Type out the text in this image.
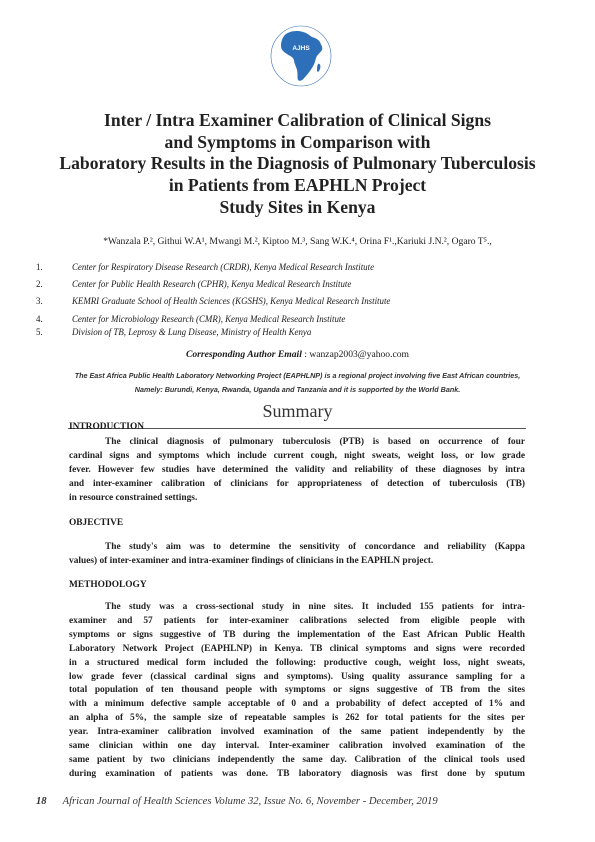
AJHS
Inter / Intra Examiner Calibration of Clinical Signs
and Symptoms in Comparison with
Laboratory Results in the Diagnosis of Pulmonary Tuberculosis
in Patients from EAPHLN Project
Study Sites in Kenya
*Wanzala P.², Githui W.A¹, Mwangi M.², Kiptoo M.³, Sang W.K.⁴, Orina F¹.,Kariuki J.N.², Ogaro T⁵.,
1.	Center for Respiratory Disease Research (CRDR), Kenya Medical Research Institute
2.	Center for Public Health Research (CPHR), Kenya Medical Research Institute
3.	KEMRI Graduate School of Health Sciences (KGSHS), Kenya Medical Research Institute
4.	Center for Microbiology Research (CMR), Kenya Medical Research Institute
5.	Division of TB, Leprosy & Lung Disease, Ministry of Health Kenya
Corresponding Author Email : wanzap2003@yahoo.com
The East Africa Public Health Laboratory Networking Project (EAPHLNP) is a regional project involving five East African countries,
Namely: Burundi, Kenya, Rwanda, Uganda and Tanzania and it is supported by the World Bank.
Summary
INTRODUCTION
The clinical diagnosis of pulmonary tuberculosis (PTB) is based on occurrence of four
cardinal signs and symptoms which include current cough, night sweats, weight loss, or low grade
fever. However few studies have determined the validity and reliability of these diagnoses by intra
and inter-examiner calibration of clinicians for appropriateness of detection of tuberculosis (TB)
in resource constrained settings.
OBJECTIVE
The study's aim was to determine the sensitivity of concordance and reliability (Kappa
values) of inter-examiner and intra-examiner findings of clinicians in the EAPHLN project.
METHODOLOGY
The study was a cross-sectional study in nine sites. It included 155 patients for intra-
examiner and 57 patients for inter-examiner calibrations selected from eligible people with
symptoms or signs suggestive of TB during the implementation of the East African Public Health
Laboratory Network Project (EAPHLNP) in Kenya. TB clinical symptoms and signs were recorded
in a structured medical form included the following: productive cough, weight loss, night sweats,
low grade fever (classical cardinal signs and symptoms). Using quality assurance sampling for a
total population of ten thousand people with symptoms or signs suggestive of TB from the sites
with a minimum defective sample acceptable of 0 and a probability of defect accepted of 1% and
an alpha of 5%, the sample size of repeatable samples is 262 for total patients for the sites per
year. Intra-examiner calibration involved examination of the same patient independently by the
same clinician within one day interval. Inter-examiner calibration involved examination of the
same patient by two clinicians independently the same day. Calibration of the clinical tools used
during examination of patients was done. TB laboratory diagnosis was first done by sputum
18 African Journal of Health Sciences Volume 32, Issue No. 6, November - December, 2019
